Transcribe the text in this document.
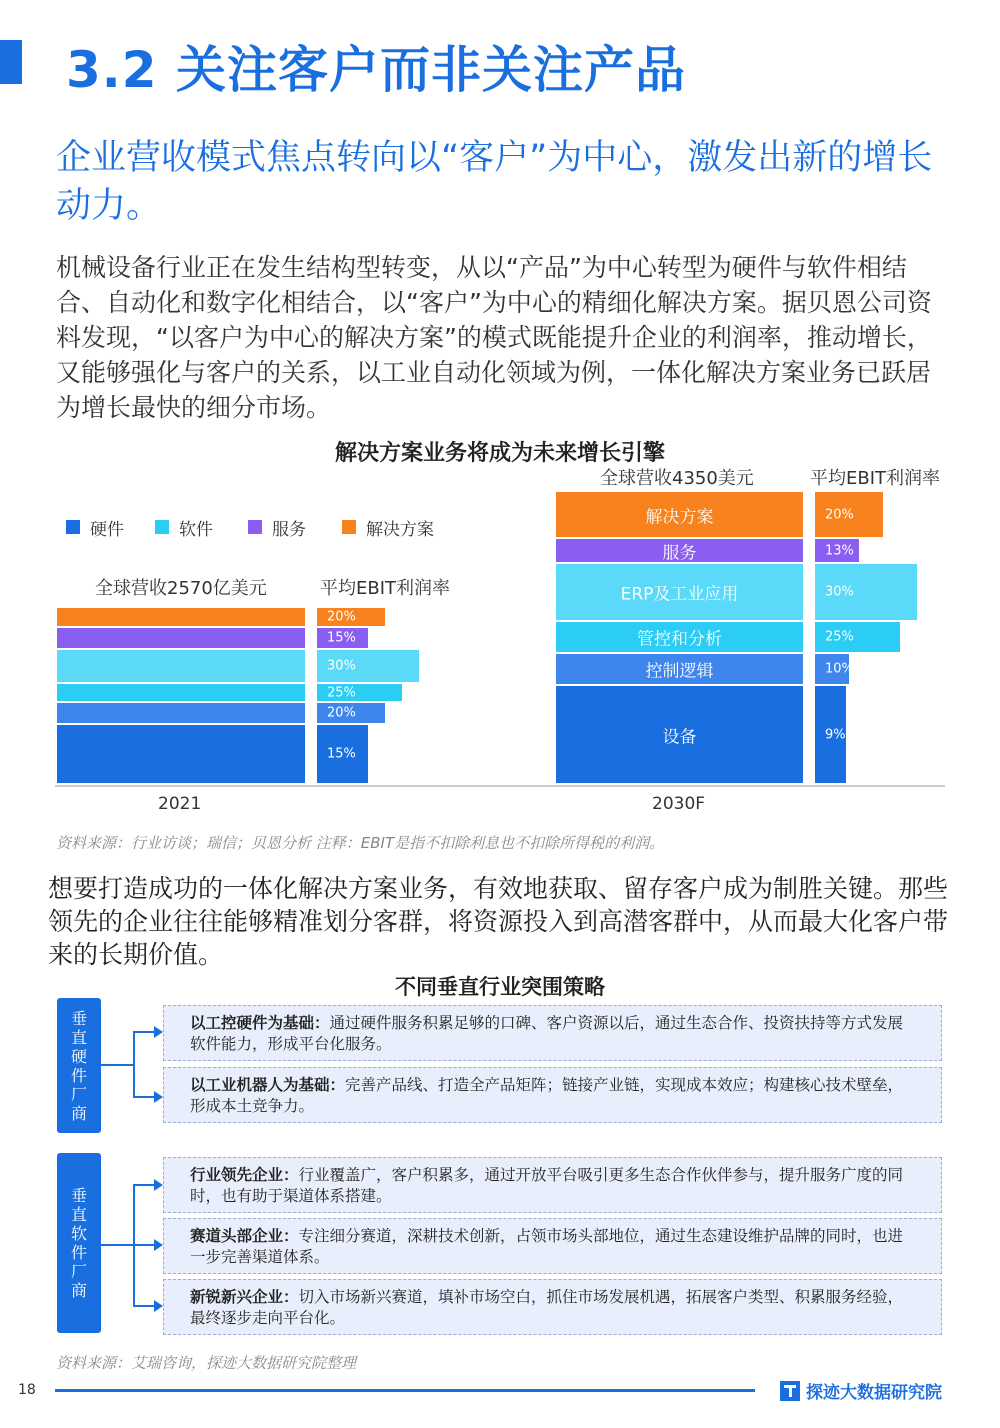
3.2 关注客户而非关注产品
企业营收模式焦点转向以“客户”为中心，激发出新的增长动力。
机械设备行业正在发生结构型转变，从以“产品”为中心转型为硬件与软件相结合、自动化和数字化相结合，以“客户”为中心的精细化解决方案。据贝恩公司资料发现，“以客户为中心的解决方案”的模式既能提升企业的利润率，推动增长，又能够强化与客户的关系，以工业自动化领域为例，一体化解决方案业务已跃居为增长最快的细分市场。
解决方案业务将成为未来增长引擎
硬件	软件	服务	解决方案
全球营收2570亿美元	平均EBIT利润率
全球营收4350美元	平均EBIT利润率
15%
20%
25%
30%
15%
20%
设备	9%
控制逻辑	10%
管控和分析	25%
ERP及工业应用	30%
服务	13%
解决方案	20%
2021	2030F
资料来源：行业访谈；瑞信；贝恩分析 注释：EBIT是指不扣除利息也不扣除所得税的利润。
想要打造成功的一体化解决方案业务，有效地获取、留存客户成为制胜关键。那些领先的企业往往能够精准划分客群，将资源投入到高潜客群中，从而最大化客户带来的长期价值。
不同垂直行业突围策略
垂直硬件厂商
垂直软件厂商
以工控硬件为基础：通过硬件服务积累足够的口碑、客户资源以后，通过生态合作、投资扶持等方式发展软件能力，形成平台化服务。
以工业机器人为基础：完善产品线、打造全产品矩阵；链接产业链，实现成本效应；构建核心技术壁垒，形成本土竞争力。
行业领先企业：行业覆盖广，客户积累多，通过开放平台吸引更多生态合作伙伴参与，提升服务广度的同时，也有助于渠道体系搭建。
赛道头部企业：专注细分赛道，深耕技术创新，占领市场头部地位，通过生态建设维护品牌的同时，也进一步完善渠道体系。
新锐新兴企业：切入市场新兴赛道，填补市场空白，抓住市场发展机遇，拓展客户类型、积累服务经验，最终逐步走向平台化。
资料来源：艾瑞咨询，探迹大数据研究院整理
18	探迹大数据研究院
